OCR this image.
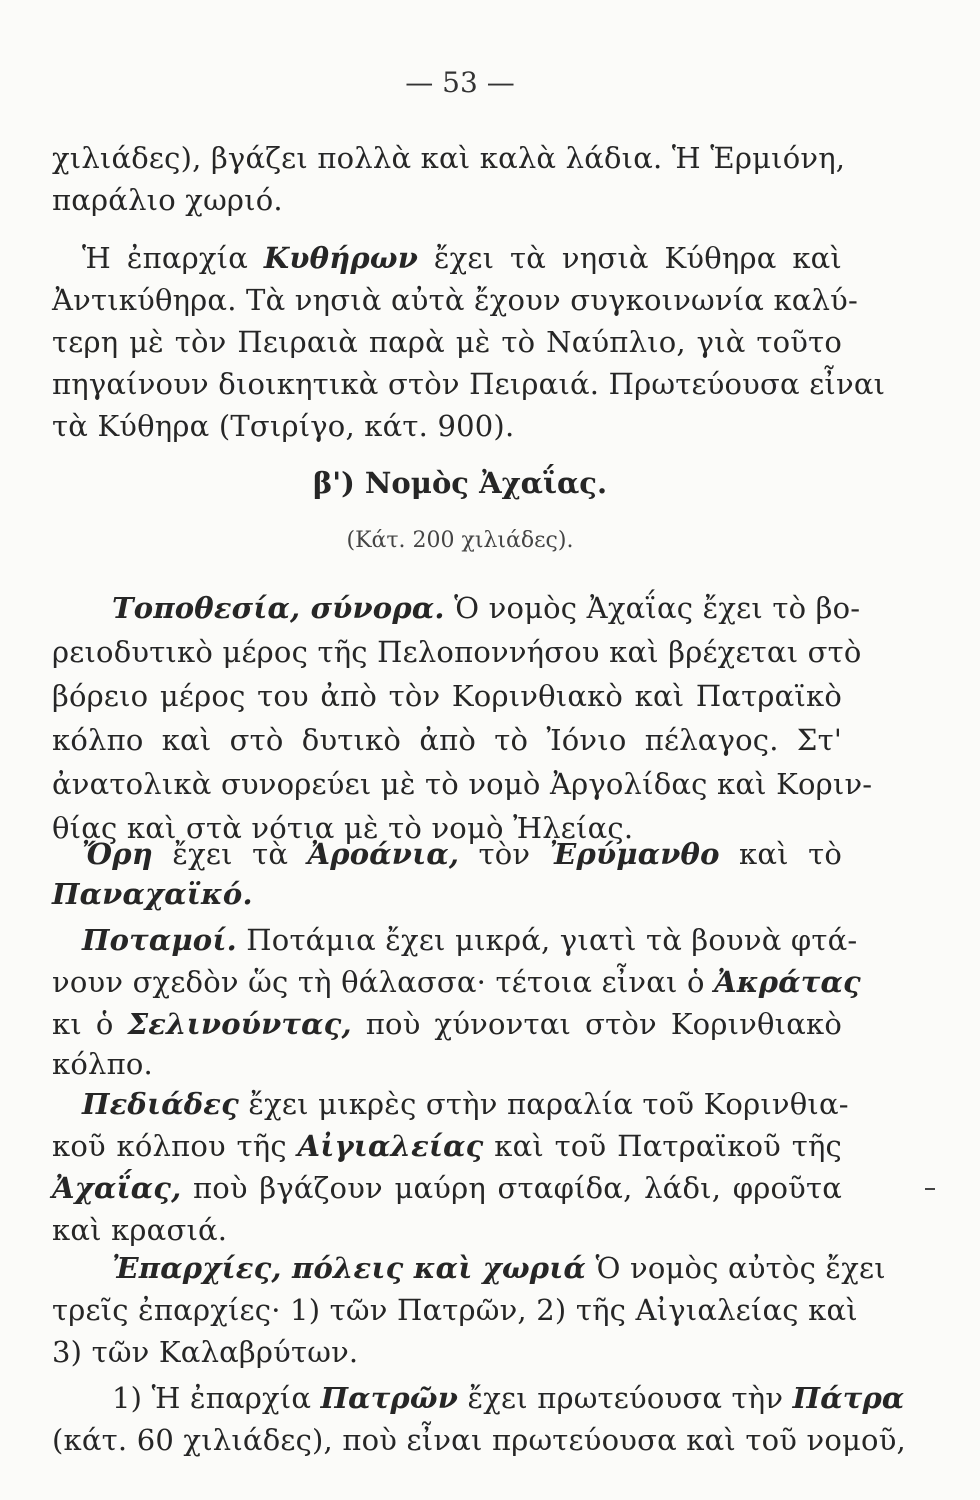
— 53 —
χιλιάδες), βγάζει πολλὰ καὶ καλὰ λάδια. Ἡ Ἑρμιόνη,
παράλιο χωριό.
Ἡ ἐπαρχία Κυθήρων ἔχει τὰ νησιὰ Κύθηρα καὶ
Ἀντικύθηρα. Τὰ νησιὰ αὐτὰ ἔχουν συγκοινωνία καλύ-
τερη μὲ τὸν Πειραιὰ παρὰ μὲ τὸ Ναύπλιο, γιὰ τοῦτο
πηγαίνουν διοικητικὰ στὸν Πειραιά. Πρωτεύουσα εἶναι
τὰ Κύθηρα (Τσιρίγο, κάτ. 900).
β') Νομὸς Ἀχαΐας.
(Κάτ. 200 χιλιάδες).
Τοποθεσία, σύνορα. Ὁ νομὸς Ἀχαΐας ἔχει τὸ βο-
ρειοδυτικὸ μέρος τῆς Πελοποννήσου καὶ βρέχεται στὸ
βόρειο μέρος του ἀπὸ τὸν Κορινθιακὸ καὶ Πατραϊκὸ
κόλπο καὶ στὸ δυτικὸ ἀπὸ τὸ Ἰόνιο πέλαγος. Στ'
ἀνατολικὰ συνορεύει μὲ τὸ νομὸ Ἀργολίδας καὶ Κοριν-
θίας καὶ στὰ νότια μὲ τὸ νομὸ Ἠλείας.
Ὄρη ἔχει τὰ Ἀροάνια, τὸν Ἐρύμανθο καὶ τὸ
Παναχαϊκό.
Ποταμοί. Ποτάμια ἔχει μικρά, γιατὶ τὰ βουνὰ φτά-
νουν σχεδὸν ὥς τὴ θάλασσα· τέτοια εἶναι ὁ Ἀκράτας
κι ὁ Σελινούντας, ποὺ χύνονται στὸν Κορινθιακὸ
κόλπο.
Πεδιάδες ἔχει μικρὲς στὴν παραλία τοῦ Κορινθια-
κοῦ κόλπου τῆς Αἰγιαλείας καὶ τοῦ Πατραϊκοῦ τῆς
Ἀχαΐας, ποὺ βγάζουν μαύρη σταφίδα, λάδι, φροῦτα
καὶ κρασιά.
Ἐπαρχίες, πόλεις καὶ χωριά Ὁ νομὸς αὐτὸς ἔχει
τρεῖς ἐπαρχίες· 1) τῶν Πατρῶν, 2) τῆς Αἰγιαλείας καὶ
3) τῶν Καλαβρύτων.
1) Ἡ ἐπαρχία Πατρῶν ἔχει πρωτεύουσα τὴν Πάτρα
(κάτ. 60 χιλιάδες), ποὺ εἶναι πρωτεύουσα καὶ τοῦ νομοῦ,
